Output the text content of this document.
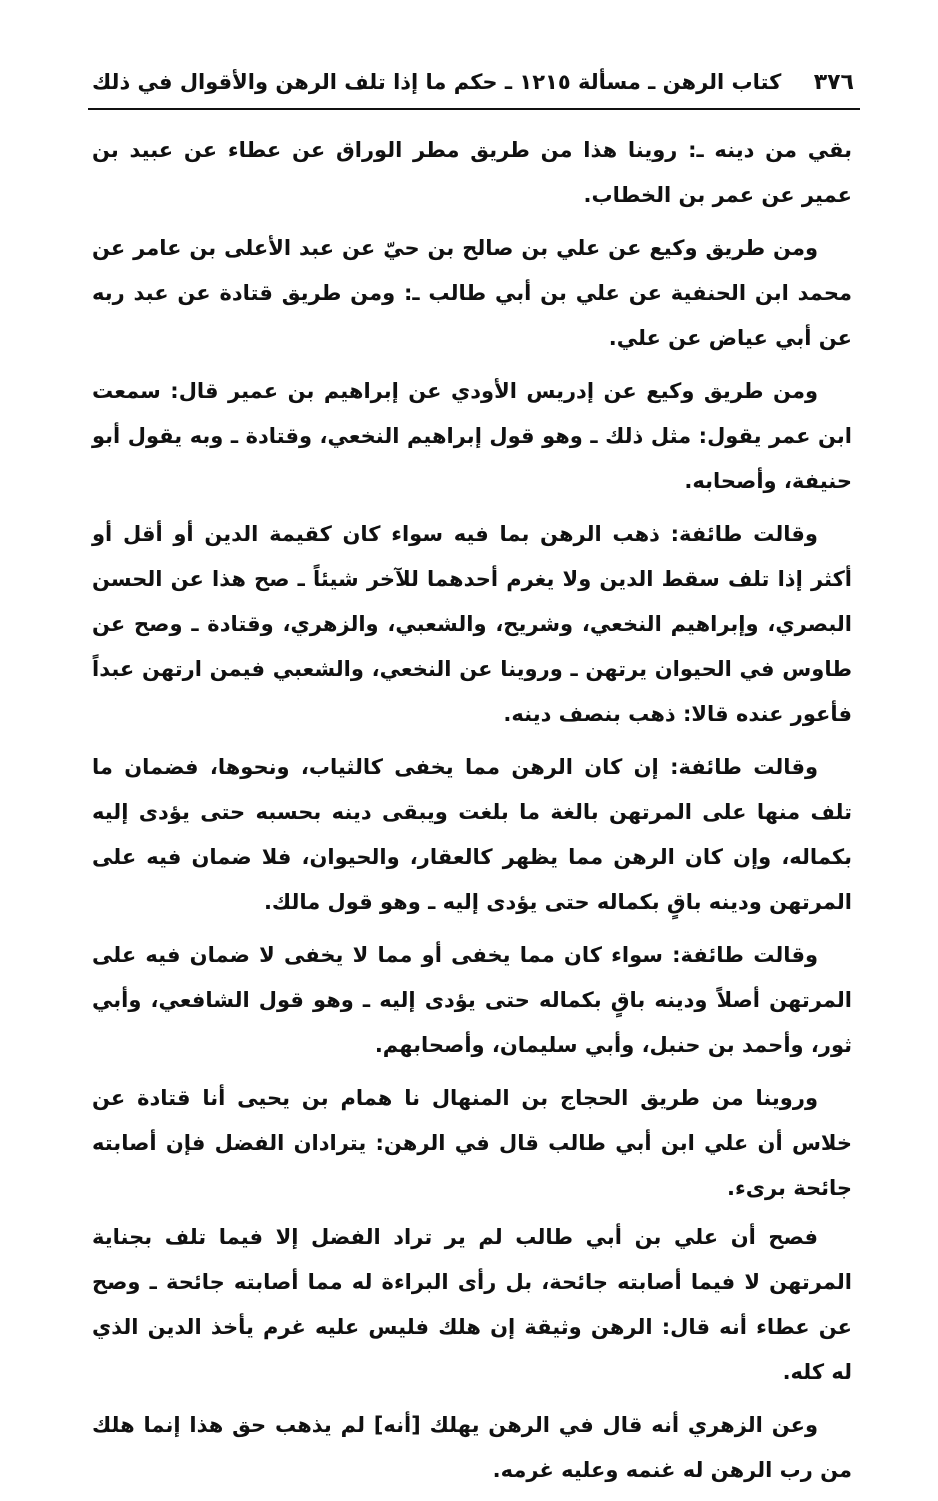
٣٧٦
كتاب الرهن ـ مسألة ١٢١٥ ـ حكم ما إذا تلف الرهن والأقوال في ذلك

بقي من دينه ـ: روينا هذا من طريق مطر الوراق عن عطاء عن عبيد بن عمير عن عمر بن الخطاب.

ومن طريق وكيع عن علي بن صالح بن حيّ عن عبد الأعلى بن عامر عن محمد ابن الحنفية عن علي بن أبي طالب ـ: ومن طريق قتادة عن عبد ربه عن أبي عياض عن علي.

ومن طريق وكيع عن إدريس الأودي عن إبراهيم بن عمير قال: سمعت ابن عمر يقول: مثل ذلك ـ وهو قول إبراهيم النخعي، وقتادة ـ وبه يقول أبو حنيفة، وأصحابه.

وقالت طائفة: ذهب الرهن بما فيه سواء كان كقيمة الدين أو أقل أو أكثر إذا تلف سقط الدين ولا يغرم أحدهما للآخر شيئاً ـ صح هذا عن الحسن البصري، وإبراهيم النخعي، وشريح، والشعبي، والزهري، وقتادة ـ وصح عن طاوس في الحيوان يرتهن ـ وروينا عن النخعي، والشعبي فيمن ارتهن عبداً فأعور عنده قالا: ذهب بنصف دينه.

وقالت طائفة: إن كان الرهن مما يخفى كالثياب، ونحوها، فضمان ما تلف منها على المرتهن بالغة ما بلغت ويبقى دينه بحسبه حتى يؤدى إليه بكماله، وإن كان الرهن مما يظهر كالعقار، والحيوان، فلا ضمان فيه على المرتهن ودينه باقٍ بكماله حتى يؤدى إليه ـ وهو قول مالك.

وقالت طائفة: سواء كان مما يخفى أو مما لا يخفى لا ضمان فيه على المرتهن أصلاً ودينه باقٍ بكماله حتى يؤدى إليه ـ وهو قول الشافعي، وأبي ثور، وأحمد بن حنبل، وأبي سليمان، وأصحابهم.

وروينا من طريق الحجاج بن المنهال نا همام بن يحيى أنا قتادة عن خلاس أن علي ابن أبي طالب قال في الرهن: يترادان الفضل فإن أصابته جائحة برىء.

فصح أن علي بن أبي طالب لم ير تراد الفضل إلا فيما تلف بجناية المرتهن لا فيما أصابته جائحة، بل رأى البراءة له مما أصابته جائحة ـ وصح عن عطاء أنه قال: الرهن وثيقة إن هلك فليس عليه غرم يأخذ الدين الذي له كله.

وعن الزهري أنه قال في الرهن يهلك [أنه] لم يذهب حق هذا إنما هلك من رب الرهن له غنمه وعليه غرمه.
